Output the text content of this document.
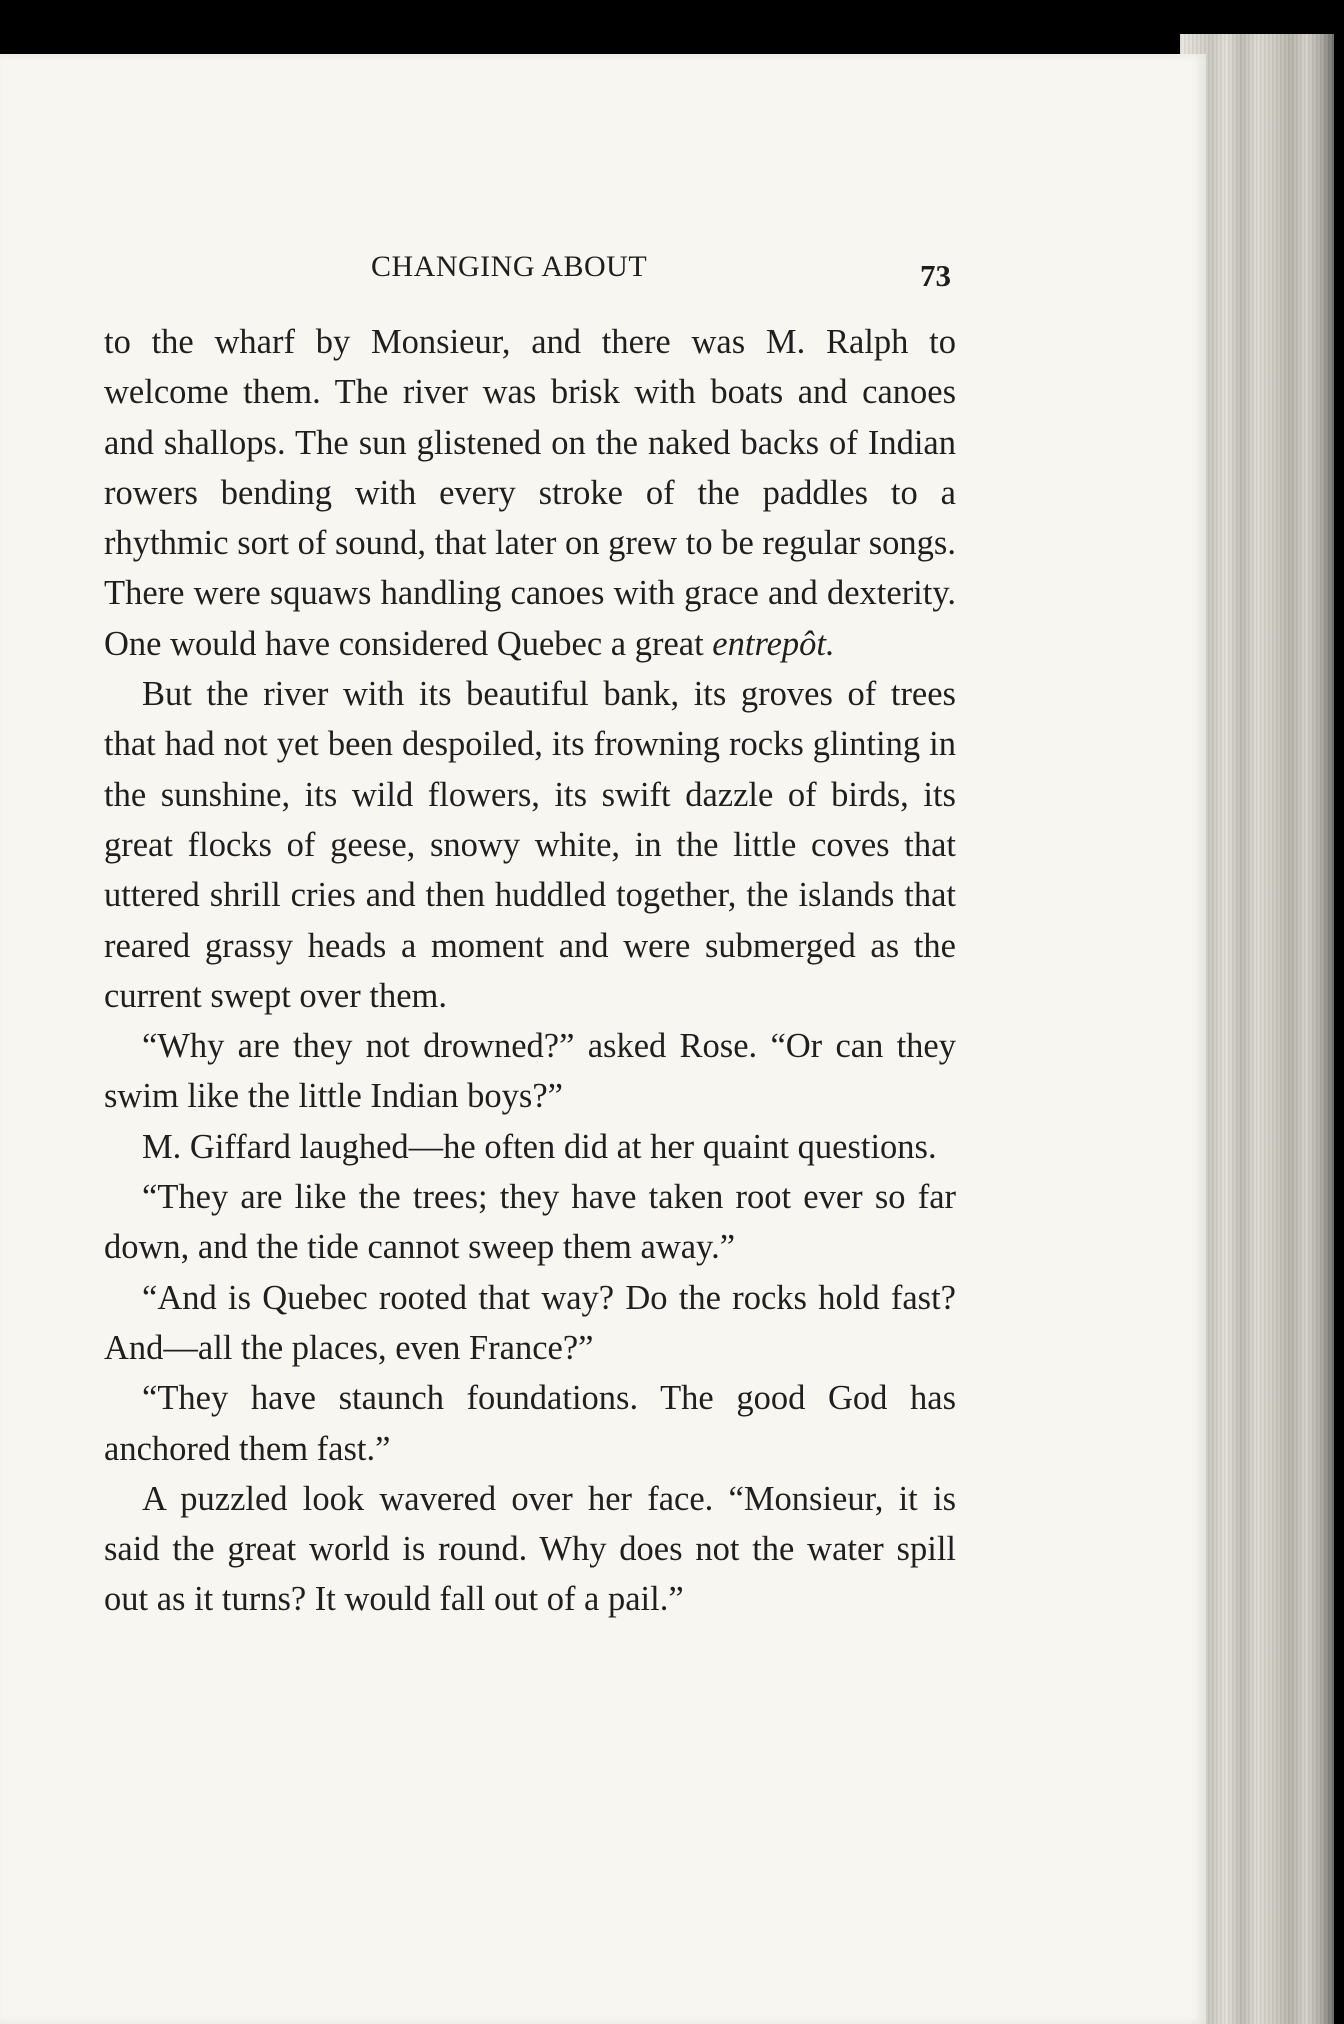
CHANGING ABOUT	73

to the wharf by Monsieur, and there was M. Ralph to welcome them. The river was brisk with boats and canoes and shallops. The sun glistened on the naked backs of Indian rowers bending with every stroke of the paddles to a rhythmic sort of sound, that later on grew to be regular songs. There were squaws handling canoes with grace and dexterity. One would have considered Quebec a great entrepôt.

But the river with its beautiful bank, its groves of trees that had not yet been despoiled, its frowning rocks glinting in the sunshine, its wild flowers, its swift dazzle of birds, its great flocks of geese, snowy white, in the little coves that uttered shrill cries and then huddled together, the islands that reared grassy heads a moment and were submerged as the current swept over them.

“Why are they not drowned?” asked Rose. “Or can they swim like the little Indian boys?”

M. Giffard laughed—he often did at her quaint questions.

“They are like the trees; they have taken root ever so far down, and the tide cannot sweep them away.”

“And is Quebec rooted that way? Do the rocks hold fast? And—all the places, even France?”

“They have staunch foundations. The good God has anchored them fast.”

A puzzled look wavered over her face. “Monsieur, it is said the great world is round. Why does not the water spill out as it turns? It would fall out of a pail.”
